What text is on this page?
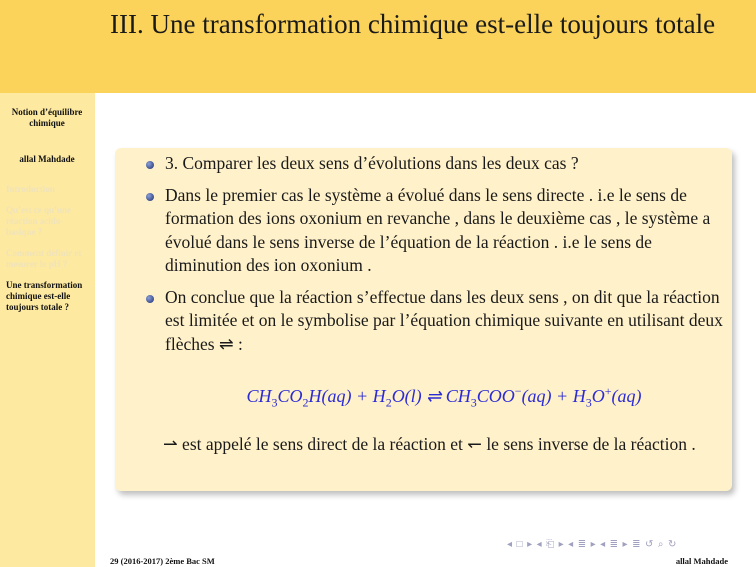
III. Une transformation chimique est-elle toujours totale
Notion d’équilibre chimique
allal Mahdade
Introduction
Qu’est ce qu’une réaction acido-basique ?
Comment définir et mesurer le pH ?
Une transformation chimique est-elle toujours totale ?
3. Comparer les deux sens d’évolutions dans les deux cas ?
Dans le premier cas le système a évolué dans le sens directe . i.e le sens de formation des ions oxonium en revanche , dans le deuxième cas , le système a évolué dans le sens inverse de l’équation de la réaction . i.e le sens de diminution des ion oxonium .
On conclue que la réaction s’effectue dans les deux sens , on dit que la réaction est limitée et on le symbolise par l’équation chimique suivante en utilisant deux flèches ⇌ :
$CH_3CO_2H(aq) + H_2O(l)$ ⇌ $CH_3COO^-(aq) + H_3O^+(aq)$
⇀ est appelé le sens direct de la réaction et ↽ le sens inverse de la réaction .
◂ □ ▸ ◂ ⎗ ▸ ◂ ≣ ▸ ◂ ≣ ▸ ≣ ↺ ⌕ ↻
29 (2016-2017) 2ème Bac SM	allal Mahdade
